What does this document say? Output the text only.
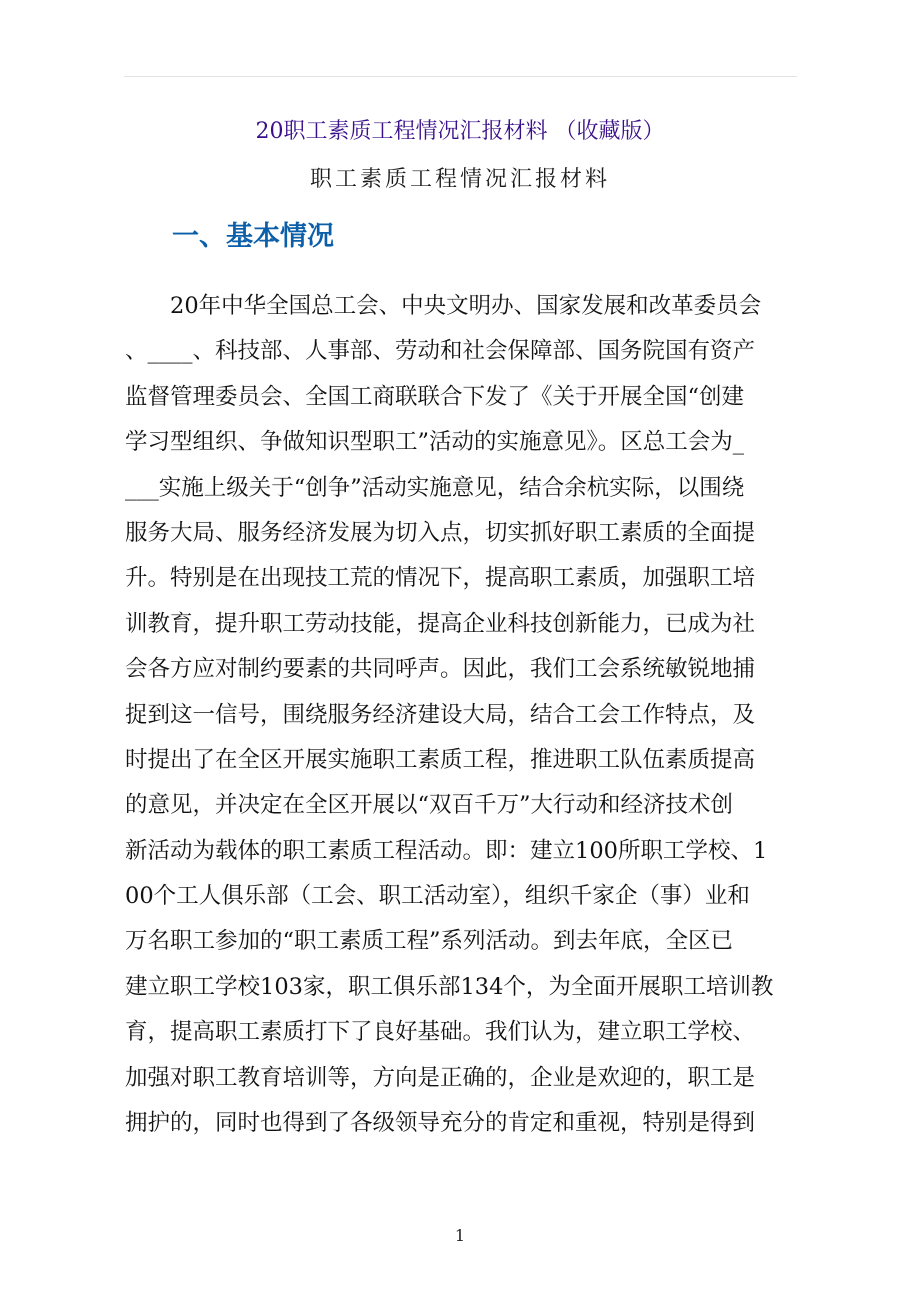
20职工素质工程情况汇报材料 （收藏版）
职工素质工程情况汇报材料
一、基本情况
20年中华全国总工会、中央文明办、国家发展和改革委员会
、____、科技部、人事部、劳动和社会保障部、国务院国有资产
监督管理委员会、全国工商联联合下发了《关于开展全国“创建
学习型组织、争做知识型职工”活动的实施意见》。区总工会为_
___实施上级关于“创争”活动实施意见，结合余杭实际，以围绕
服务大局、服务经济发展为切入点，切实抓好职工素质的全面提
升。特别是在出现技工荒的情况下，提高职工素质，加强职工培
训教育，提升职工劳动技能，提高企业科技创新能力，已成为社
会各方应对制约要素的共同呼声。因此，我们工会系统敏锐地捕
捉到这一信号，围绕服务经济建设大局，结合工会工作特点，及
时提出了在全区开展实施职工素质工程，推进职工队伍素质提高
的意见，并决定在全区开展以“双百千万”大行动和经济技术创
新活动为载体的职工素质工程活动。即：建立100所职工学校、1
00个工人俱乐部（工会、职工活动室），组织千家企（事）业和
万名职工参加的“职工素质工程”系列活动。到去年底，全区已
建立职工学校103家，职工俱乐部134个，为全面开展职工培训教
育，提高职工素质打下了良好基础。我们认为，建立职工学校、
加强对职工教育培训等，方向是正确的，企业是欢迎的，职工是
拥护的，同时也得到了各级领导充分的肯定和重视，特别是得到
1
